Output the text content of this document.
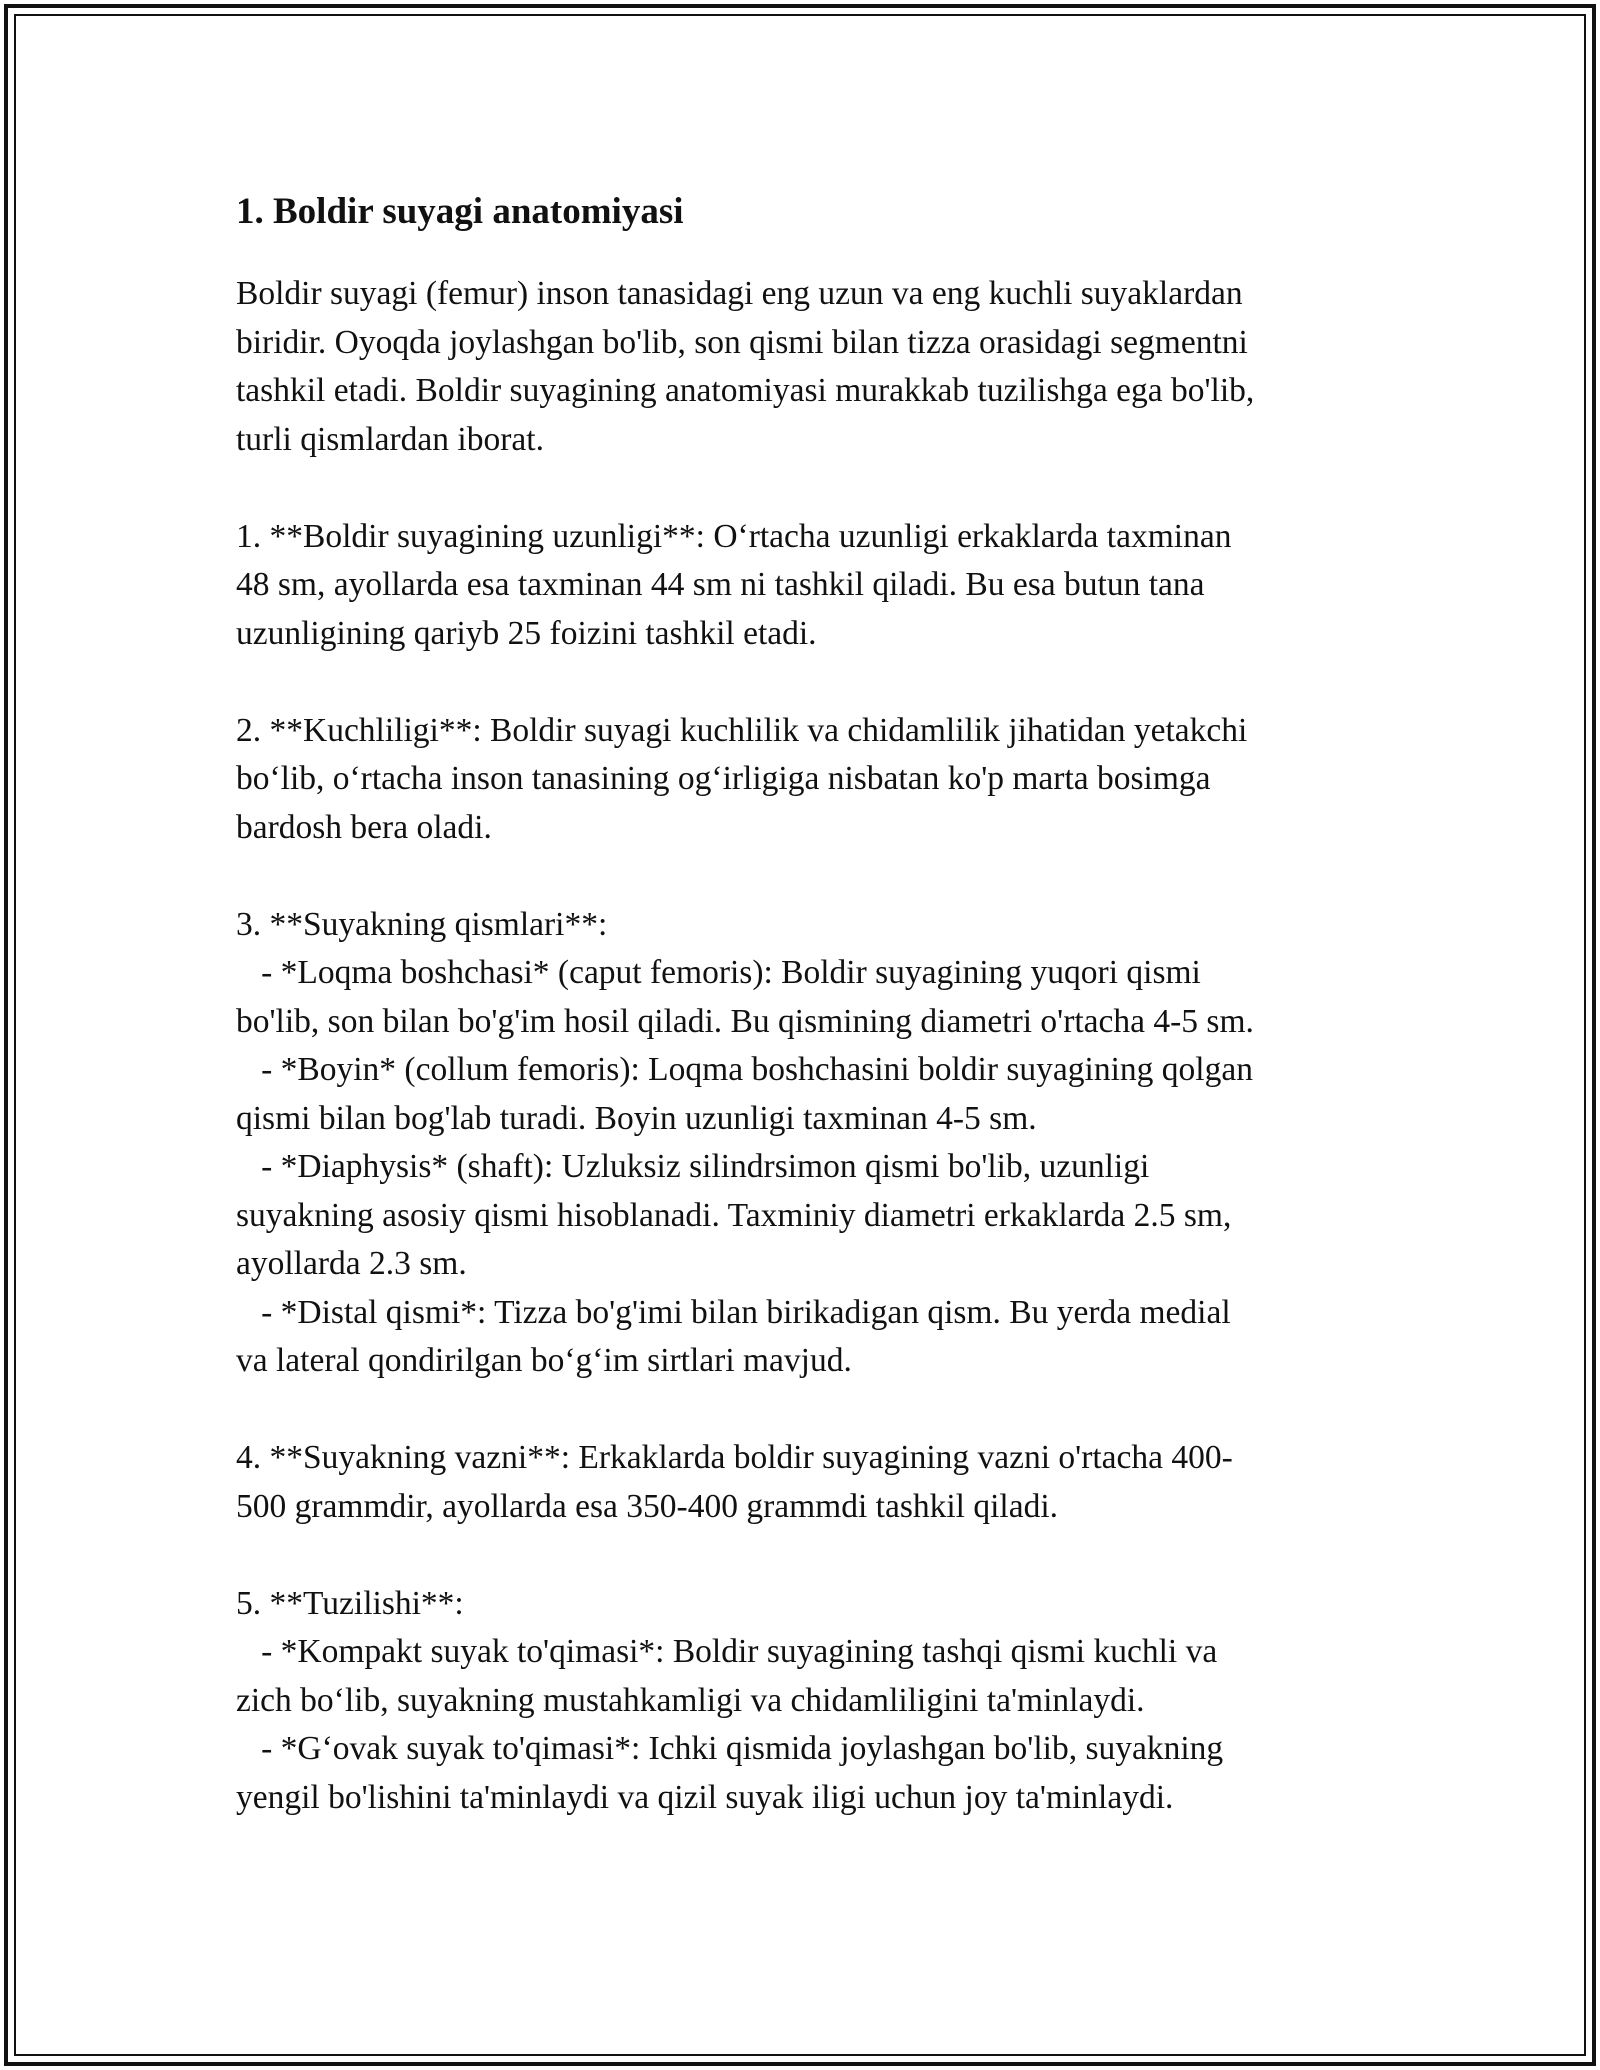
1. Boldir suyagi anatomiyasi

Boldir suyagi (femur) inson tanasidagi eng uzun va eng kuchli suyaklardan
biridir. Oyoqda joylashgan bo'lib, son qismi bilan tizza orasidagi segmentni
tashkil etadi. Boldir suyagining anatomiyasi murakkab tuzilishga ega bo'lib,
turli qismlardan iborat.

1. **Boldir suyagining uzunligi**: Oʻrtacha uzunligi erkaklarda taxminan
48 sm, ayollarda esa taxminan 44 sm ni tashkil qiladi. Bu esa butun tana
uzunligining qariyb 25 foizini tashkil etadi.

2. **Kuchliligi**: Boldir suyagi kuchlilik va chidamlilik jihatidan yetakchi
boʻlib, oʻrtacha inson tanasining ogʻirligiga nisbatan ko'p marta bosimga
bardosh bera oladi.

3. **Suyakning qismlari**:
- *Loqma boshchasi* (caput femoris): Boldir suyagining yuqori qismi
bo'lib, son bilan bo'g'im hosil qiladi. Bu qismining diametri o'rtacha 4-5 sm.
- *Boyin* (collum femoris): Loqma boshchasini boldir suyagining qolgan
qismi bilan bog'lab turadi. Boyin uzunligi taxminan 4-5 sm.
- *Diaphysis* (shaft): Uzluksiz silindrsimon qismi bo'lib, uzunligi
suyakning asosiy qismi hisoblanadi. Taxminiy diametri erkaklarda 2.5 sm,
ayollarda 2.3 sm.
- *Distal qismi*: Tizza bo'g'imi bilan birikadigan qism. Bu yerda medial
va lateral qondirilgan boʻgʻim sirtlari mavjud.

4. **Suyakning vazni**: Erkaklarda boldir suyagining vazni o'rtacha 400-
500 grammdir, ayollarda esa 350-400 grammdi tashkil qiladi.

5. **Tuzilishi**:
- *Kompakt suyak to'qimasi*: Boldir suyagining tashqi qismi kuchli va
zich boʻlib, suyakning mustahkamligi va chidamliligini ta'minlaydi.
- *Gʻovak suyak to'qimasi*: Ichki qismida joylashgan bo'lib, suyakning
yengil bo'lishini ta'minlaydi va qizil suyak iligi uchun joy ta'minlaydi.
